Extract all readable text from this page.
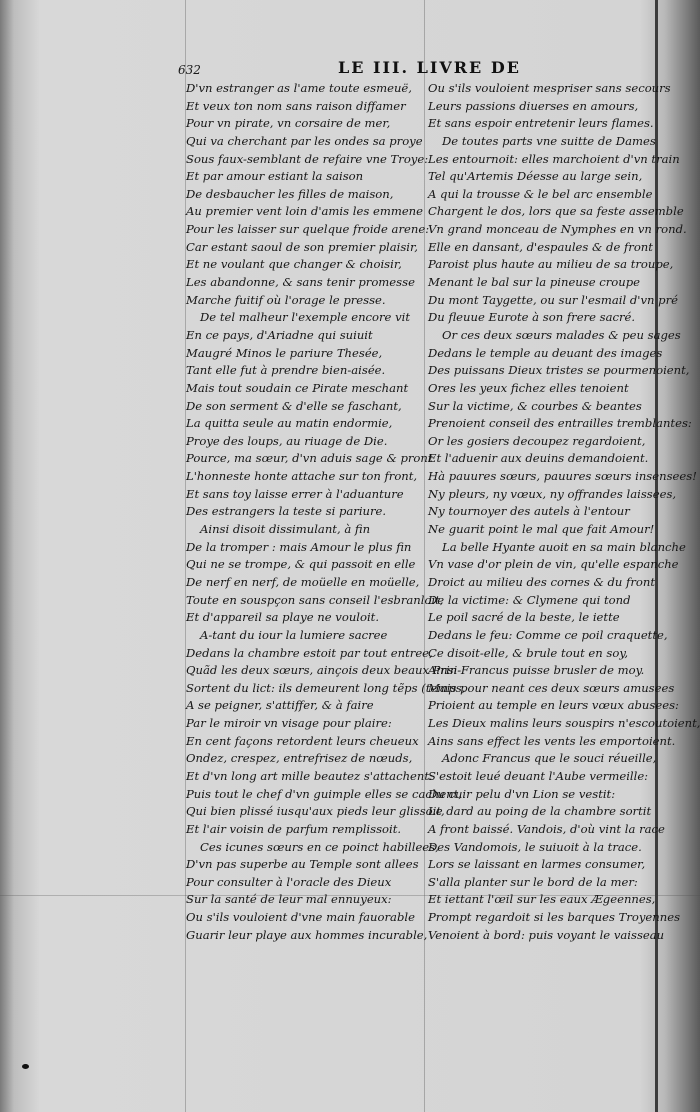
632	LE III. LIVRE DE
D'vn estranger as l'ame toute esmeuë,
Et veux ton nom sans raison diffamer
Pour vn pirate, vn corsaire de mer,
Qui va cherchant par les ondes sa proye
Sous faux-semblant de refaire vne Troye:
Et par amour estiant la saison
De desbaucher les filles de maison,
Au premier vent loin d'amis les emmene
Pour les laisser sur quelque froide arene:
Car estant saoul de son premier plaisir,
Et ne voulant que changer & choisir,
Les abandonne, & sans tenir promesse
Marche fuitif où l'orage le presse.
De tel malheur l'exemple encore vit
En ce pays, d'Ariadne qui suiuit
Maugré Minos le pariure Thesée,
Tant elle fut à prendre bien-aisée.
Mais tout soudain ce Pirate meschant
De son serment & d'elle se faschant,
La quitta seule au matin endormie,
Proye des loups, au riuage de Die.
Pource, ma sœur, d'vn aduis sage & pront
L'honneste honte attache sur ton front,
Et sans toy laisse errer à l'aduanture
Des estrangers la teste si pariure.
Ainsi disoit dissimulant, à fin
De la tromper : mais Amour le plus fin
Qui ne se trompe, & qui passoit en elle
De nerf en nerf, de moüelle en moüelle,
Toute en souspçon sans conseil l'esbranloit,
Et d'appareil sa playe ne vouloit.
A-tant du iour la lumiere sacree
Dedans la chambre estoit par tout entree,
Quãd les deux sœurs, ainçois deux beaux Prin-
Sortent du lict: ils demeurent long tẽps (temps,
A se peigner, s'attiffer, & à faire
Par le miroir vn visage pour plaire:
En cent façons retordent leurs cheueux
Ondez, crespez, entrefrisez de nœuds,
Et d'vn long art mille beautez s'attachent:
Puis tout le chef d'vn guimple elles se cachent,
Qui bien plissé iusqu'aux pieds leur glissoit,
Et l'air voisin de parfum remplissoit.
Ces icunes sœurs en ce poinct habillees,
D'vn pas superbe au Temple sont allees
Pour consulter à l'oracle des Dieux
Sur la santé de leur mal ennuyeux:
Ou s'ils vouloient d'vne main fauorable
Guarir leur playe aux hommes incurable,
Ou s'ils vouloient mespriser sans secours
Leurs passions diuerses en amours,
Et sans espoir entretenir leurs flames.
De toutes parts vne suitte de Dames
Les entournoit: elles marchoient d'vn train
Tel qu'Artemis Déesse au large sein,
A qui la trousse & le bel arc ensemble
Chargent le dos, lors que sa feste assemble
Vn grand monceau de Nymphes en vn rond.
Elle en dansant, d'espaules & de front
Paroist plus haute au milieu de sa troupe,
Menant le bal sur la pineuse croupe
Du mont Taygette, ou sur l'esmail d'vn pré
Du fleuue Eurote à son frere sacré.
Or ces deux sœurs malades & peu sages
Dedans le temple au deuant des images
Des puissans Dieux tristes se pourmenoient,
Ores les yeux fichez elles tenoient
Sur la victime, & courbes & beantes
Prenoient conseil des entrailles tremblantes:
Or les gosiers decoupez regardoient,
Et l'aduenir aux deuins demandoient.
Hà pauures sœurs, pauures sœurs insensees!
Ny pleurs, ny vœux, ny offrandes laissees,
Ny tournoyer des autels à l'entour
Ne guarit point le mal que fait Amour!
La belle Hyante auoit en sa main blanche
Vn vase d'or plein de vin, qu'elle espanche
Droict au milieu des cornes & du front
De la victime: & Clymene qui tond
Le poil sacré de la beste, le iette
Dedans le feu: Comme ce poil craquette,
Ce disoit-elle, & brule tout en soy,
Ainsi Francus puisse brusler de moy.
Mais pour neant ces deux sœurs amusees
Prioient au temple en leurs vœux abusees:
Les Dieux malins leurs souspirs n'escoutoient,
Ains sans effect les vents les emportoient.
Adonc Francus que le souci réueille,
S'estoit leué deuant l'Aube vermeille:
Du cuir pelu d'vn Lion se vestit:
Le dard au poing de la chambre sortit
A front baissé. Vandois, d'où vint la race
Des Vandomois, le suiuoit à la trace.
Lors se laissant en larmes consumer,
S'alla planter sur le bord de la mer:
Et iettant l'œil sur les eaux Ægeennes,
Prompt regardoit si les barques Troyennes
Venoient à bord: puis voyant le vaisseau
